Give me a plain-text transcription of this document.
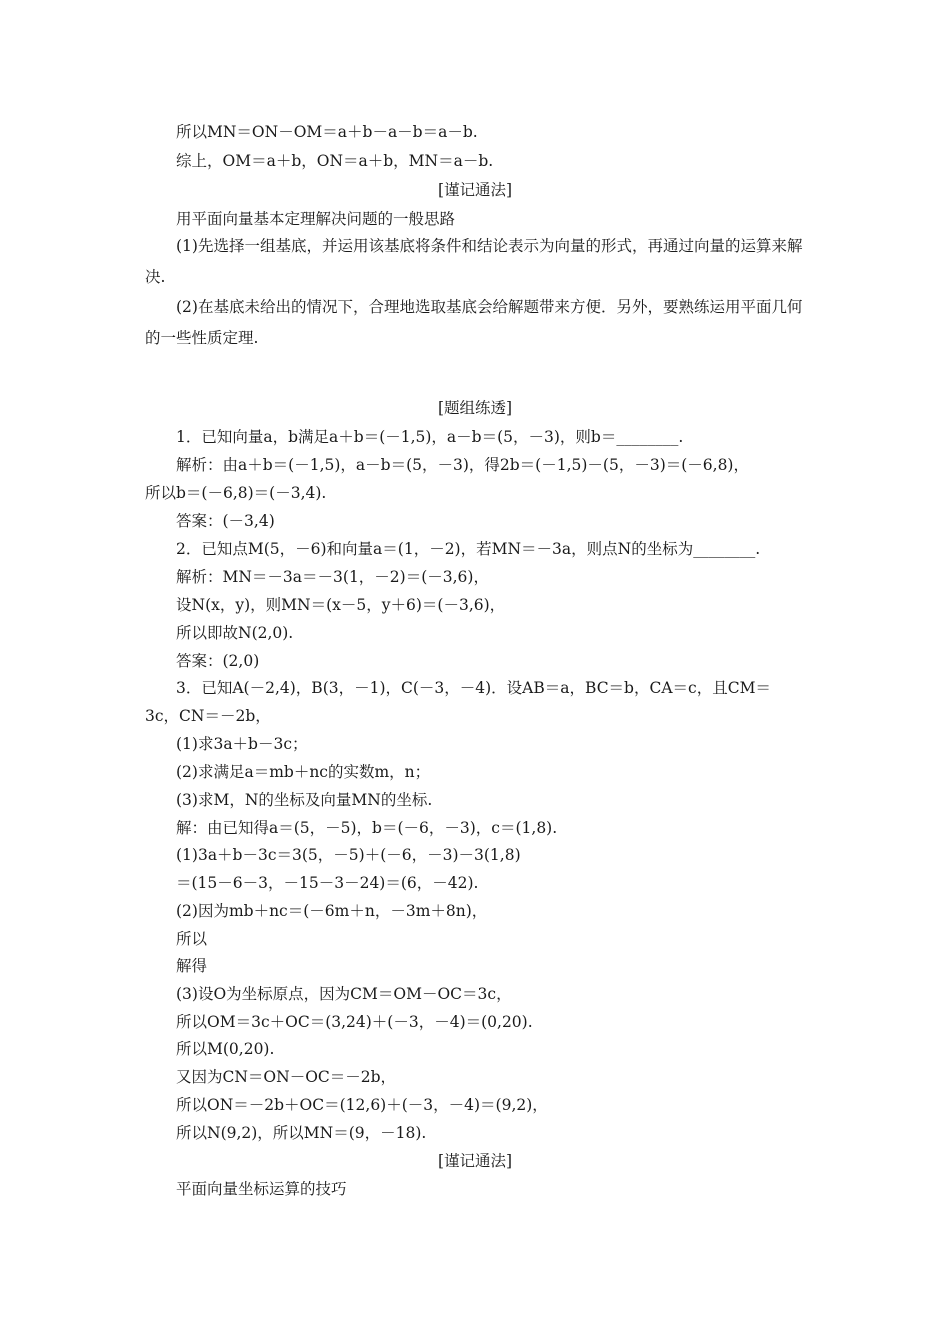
所以MN＝ON－OM＝a＋b－a－b＝a－b.
综上，OM＝a＋b，ON＝a＋b，MN＝a－b.
[谨记通法]
用平面向量基本定理解决问题的一般思路
(1)先选择一组基底，并运用该基底将条件和结论表示为向量的形式，再通过向量的运算来解决.
(2)在基底未给出的情况下，合理地选取基底会给解题带来方便．另外，要熟练运用平面几何的一些性质定理.
[题组练透]
1．已知向量a，b满足a＋b＝(－1,5)，a－b＝(5，－3)，则b＝________.
解析：由a＋b＝(－1,5)，a－b＝(5，－3)，得2b＝(－1,5)－(5，－3)＝(－6,8)，
所以b＝(－6,8)＝(－3,4).
答案：(－3,4)
2．已知点M(5，－6)和向量a＝(1，－2)，若MN＝－3a，则点N的坐标为________.
解析：MN＝－3a＝－3(1，－2)＝(－3,6)，
设N(x，y)，则MN＝(x－5，y＋6)＝(－3,6)，
所以即故N(2,0).
答案：(2,0)
3．已知A(－2,4)，B(3，－1)，C(－3，－4)．设AB＝a，BC＝b，CA＝c，且CM＝
3c，CN＝－2b，
(1)求3a＋b－3c；
(2)求满足a＝mb＋nc的实数m，n；
(3)求M，N的坐标及向量MN的坐标.
解：由已知得a＝(5，－5)，b＝(－6，－3)，c＝(1,8).
(1)3a＋b－3c＝3(5，－5)＋(－6，－3)－3(1,8)
＝(15－6－3，－15－3－24)＝(6，－42).
(2)因为mb＋nc＝(－6m＋n，－3m＋8n)，
所以
解得
(3)设O为坐标原点，因为CM＝OM－OC＝3c，
所以OM＝3c＋OC＝(3,24)＋(－3，－4)＝(0,20).
所以M(0,20).
又因为CN＝ON－OC＝－2b，
所以ON＝－2b＋OC＝(12,6)＋(－3，－4)＝(9,2)，
所以N(9,2)，所以MN＝(9，－18).
[谨记通法]
平面向量坐标运算的技巧
